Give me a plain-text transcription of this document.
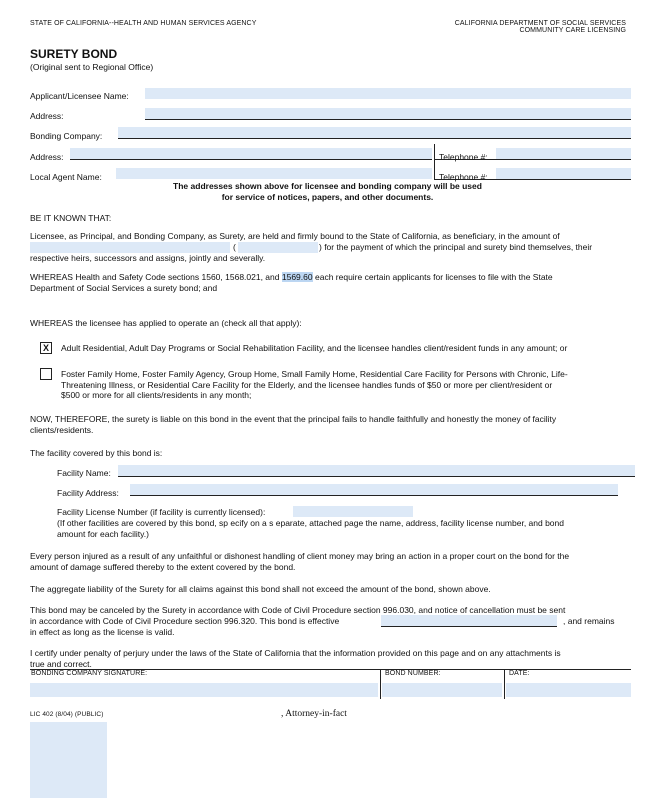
STATE OF CALIFORNIA--HEALTH AND HUMAN SERVICES AGENCY	CALIFORNIA DEPARTMENT OF SOCIAL SERVICES
COMMUNITY CARE LICENSING
SURETY BOND
(Original sent to Regional Office)
Applicant/Licensee Name:
Address:
Bonding Company:
Address:	Telephone #:
Local Agent Name:	Telephone #:
The addresses shown above for licensee and bonding company will be used
for service of notices, papers, and other documents.
BE IT KNOWN THAT:
Licensee, as Principal, and Bonding Company, as Surety, are held and firmly bound to the State of California, as beneficiary, in the amount of
(	) for the payment of which the principal and surety bind themselves, their
respective heirs, successors and assigns, jointly and severally.
WHEREAS Health and Safety Code sections 1560, 1568.021, and 1569.60 each require certain applicants for licenses to file with the State
Department of Social Services a surety bond; and
WHEREAS the licensee has applied to operate an (check all that apply):
X	Adult Residential, Adult Day Programs or Social Rehabilitation Facility, and the licensee handles client/resident funds in any amount; or
Foster Family Home, Foster Family Agency, Group Home, Small Family Home, Residential Care Facility for Persons with Chronic, Life-
Threatening Illness, or Residential Care Facility for the Elderly, and the licensee handles funds of $50 or more per client/resident or
$500 or more for all clients/residents in any month;
NOW, THEREFORE, the surety is liable on this bond in the event that the principal fails to handle faithfully and honestly the money of facility
clients/residents.
The facility covered by this bond is:
Facility Name:
Facility Address:
Facility License Number (if facility is currently licensed):
(If other facilities are covered by this bond, sp ecify on a s eparate, attached page the name, address, facility license number, and bond
amount for each facility.)
Every person injured as a result of any unfaithful or dishonest handling of client money may bring an action in a proper court on the bond for the
amount of damage suffered thereby to the extent covered by the bond.
The aggregate liability of the Surety for all claims against this bond shall not exceed the amount of the bond, shown above.
This bond may be canceled by the Surety in accordance with Code of Civil Procedure section 996.030, and notice of cancellation must be sent
in accordance with Code of Civil Procedure section 996.320. This bond is effective	, and remains
in effect as long as the license is valid.
I certify under penalty of perjury under the laws of the State of California that the information provided on this page and on any attachments is
true and correct.
BONDING COMPANY SIGNATURE:	BOND NUMBER:	DATE:
LIC 402 (8/04) (PUBLIC)	, Attorney-in-fact
